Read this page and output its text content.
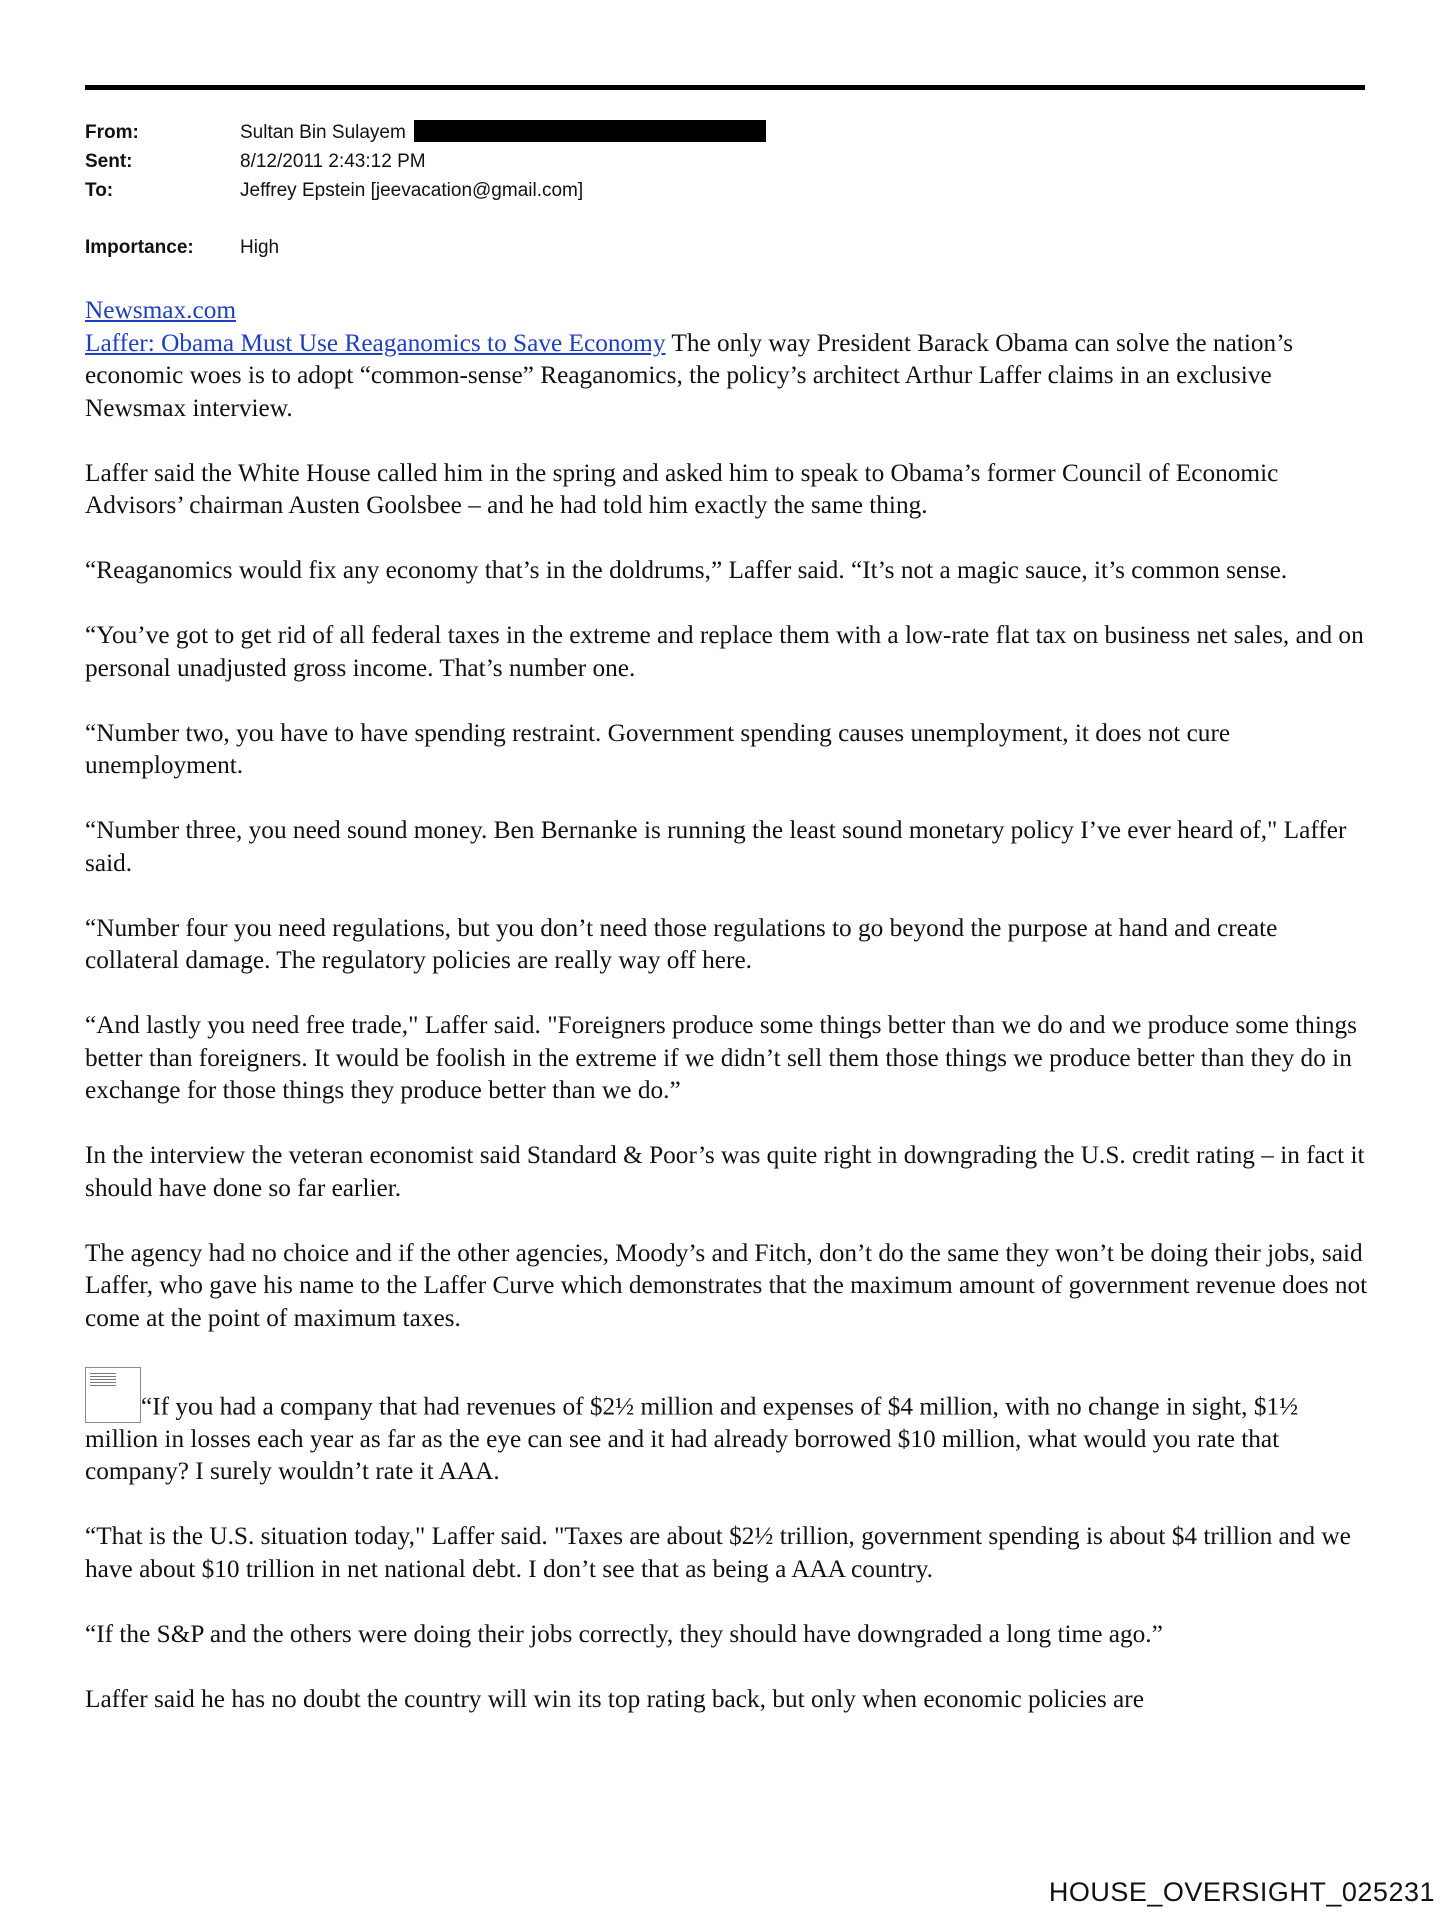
From:	Sultan Bin Sulayem
Sent:	8/12/2011 2:43:12 PM
To:	Jeffrey Epstein [jeevacation@gmail.com]
Importance: High

Newsmax.com
Laffer: Obama Must Use Reaganomics to Save Economy The only way President Barack Obama can solve the nation’s economic woes is to adopt “common-sense” Reaganomics, the policy’s architect Arthur Laffer claims in an exclusive Newsmax interview.

Laffer said the White House called him in the spring and asked him to speak to Obama’s former Council of Economic Advisors’ chairman Austen Goolsbee – and he had told him exactly the same thing.

“Reaganomics would fix any economy that’s in the doldrums,” Laffer said. “It’s not a magic sauce, it’s common sense.

“You’ve got to get rid of all federal taxes in the extreme and replace them with a low-rate flat tax on business net sales, and on personal unadjusted gross income. That’s number one.

“Number two, you have to have spending restraint. Government spending causes unemployment, it does not cure unemployment.

“Number three, you need sound money. Ben Bernanke is running the least sound monetary policy I’ve ever heard of," Laffer said.

“Number four you need regulations, but you don’t need those regulations to go beyond the purpose at hand and create collateral damage. The regulatory policies are really way off here.

“And lastly you need free trade," Laffer said. "Foreigners produce some things better than we do and we produce some things better than foreigners. It would be foolish in the extreme if we didn’t sell them those things we produce better than they do in exchange for those things they produce better than we do.”

In the interview the veteran economist said Standard & Poor’s was quite right in downgrading the U.S. credit rating – in fact it should have done so far earlier.

The agency had no choice and if the other agencies, Moody’s and Fitch, don’t do the same they won’t be doing their jobs, said Laffer, who gave his name to the Laffer Curve which demonstrates that the maximum amount of government revenue does not come at the point of maximum taxes.

“If you had a company that had revenues of $2½ million and expenses of $4 million, with no change in sight, $1½ million in losses each year as far as the eye can see and it had already borrowed $10 million, what would you rate that company? I surely wouldn’t rate it AAA.

“That is the U.S. situation today," Laffer said. "Taxes are about $2½ trillion, government spending is about $4 trillion and we have about $10 trillion in net national debt. I don’t see that as being a AAA country.

“If the S&P and the others were doing their jobs correctly, they should have downgraded a long time ago.”

Laffer said he has no doubt the country will win its top rating back, but only when economic policies are

HOUSE_OVERSIGHT_025231
